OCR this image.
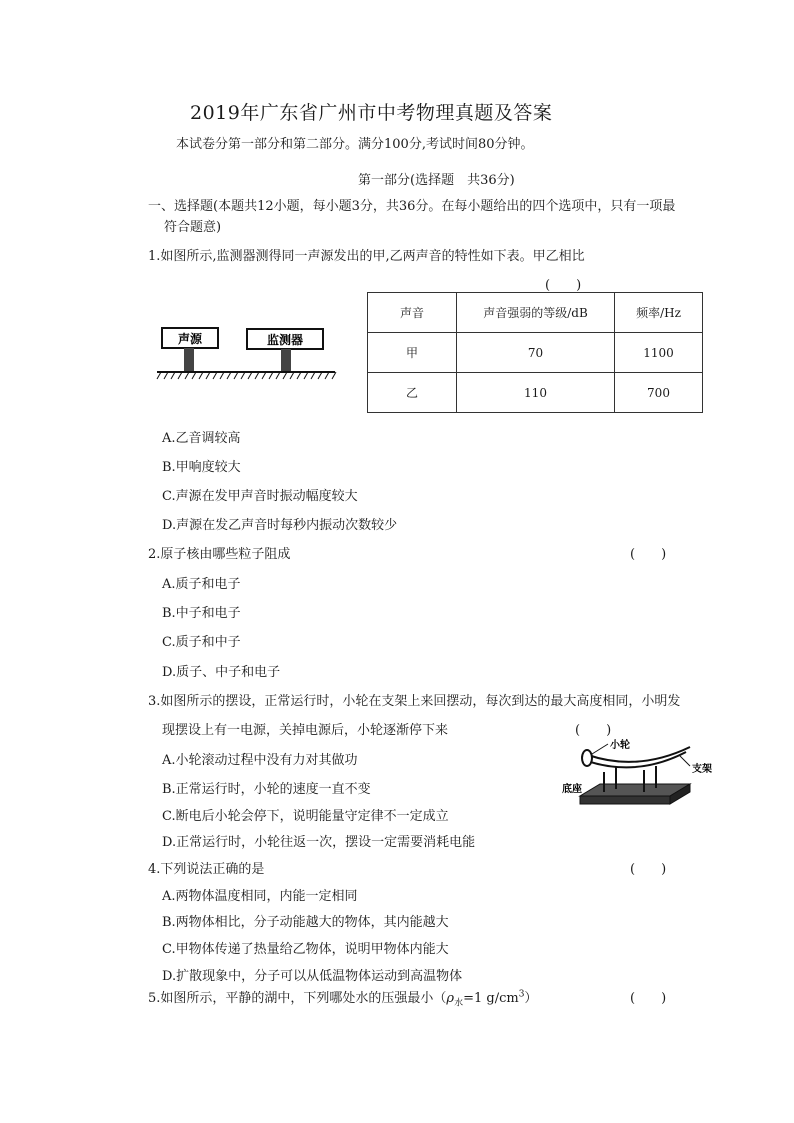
2019年广东省广州市中考物理真题及答案
本试卷分第一部分和第二部分。满分100分,考试时间80分钟。
第一部分(选择题　共36分)
一、选择题(本题共12小题，每小题3分，共36分。在每小题给出的四个选项中，只有一项最
符合题意)
1.如图所示,监测器测得同一声源发出的甲,乙两声音的特性如下表。甲乙相比
(　　)
声源	监测器
声音	声音强弱的等级/dB	频率/Hz
甲	70	1100
乙	110	700
A.乙音调较高
B.甲响度较大
C.声源在发甲声音时振动幅度较大
D.声源在发乙声音时每秒内振动次数较少
2.原子核由哪些粒子阻成	(　　)
A.质子和电子
B.中子和电子
C.质子和中子
D.质子、中子和电子
3.如图所示的摆设，正常运行时，小轮在支架上来回摆动，每次到达的最大高度相同，小明发
现摆设上有一电源，关掉电源后，小轮逐渐停下来	(　　)
A.小轮滚动过程中没有力对其做功
B.正常运行时，小轮的速度一直不变
C.断电后小轮会停下，说明能量守定律不一定成立
D.正常运行时，小轮往返一次，摆设一定需要消耗电能
小轮
支架
底座
4.下列说法正确的是	(　　)
A.两物体温度相同，内能一定相同
B.两物体相比，分子动能越大的物体，其内能越大
C.甲物体传递了热量给乙物体，说明甲物体内能大
D.扩散现象中，分子可以从低温物体运动到高温物体
5.如图所示，平静的湖中，下列哪处水的压强最小（$\rho_水=1$ $g/cm^3$）	(　　)
